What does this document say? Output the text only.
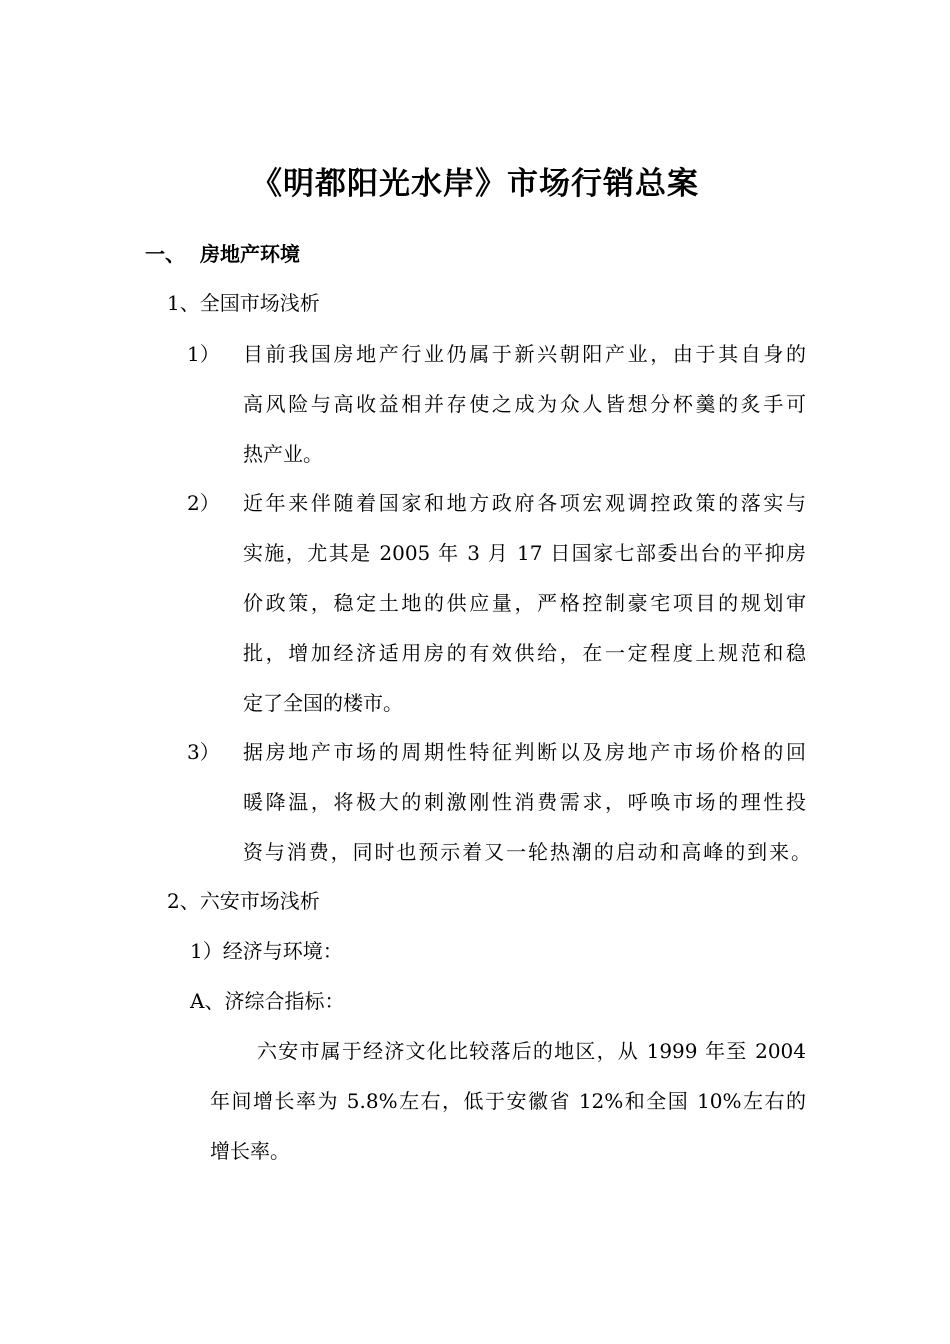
《明都阳光水岸》市场行销总案
一、 房地产环境
1、全国市场浅析
1） 目前我国房地产行业仍属于新兴朝阳产业，由于其自身的
高风险与高收益相并存使之成为众人皆想分杯羹的炙手可
热产业。
2） 近年来伴随着国家和地方政府各项宏观调控政策的落实与
实施，尤其是 2005 年 3 月 17 日国家七部委出台的平抑房
价政策，稳定土地的供应量，严格控制豪宅项目的规划审
批，增加经济适用房的有效供给，在一定程度上规范和稳
定了全国的楼市。
3） 据房地产市场的周期性特征判断以及房地产市场价格的回
暖降温，将极大的刺激刚性消费需求，呼唤市场的理性投
资与消费，同时也预示着又一轮热潮的启动和高峰的到来。
2、六安市场浅析
1）经济与环境：
A、济综合指标：
六安市属于经济文化比较落后的地区，从 1999 年至 2004
年间增长率为 5.8%左右，低于安徽省 12%和全国 10%左右的
增长率。
